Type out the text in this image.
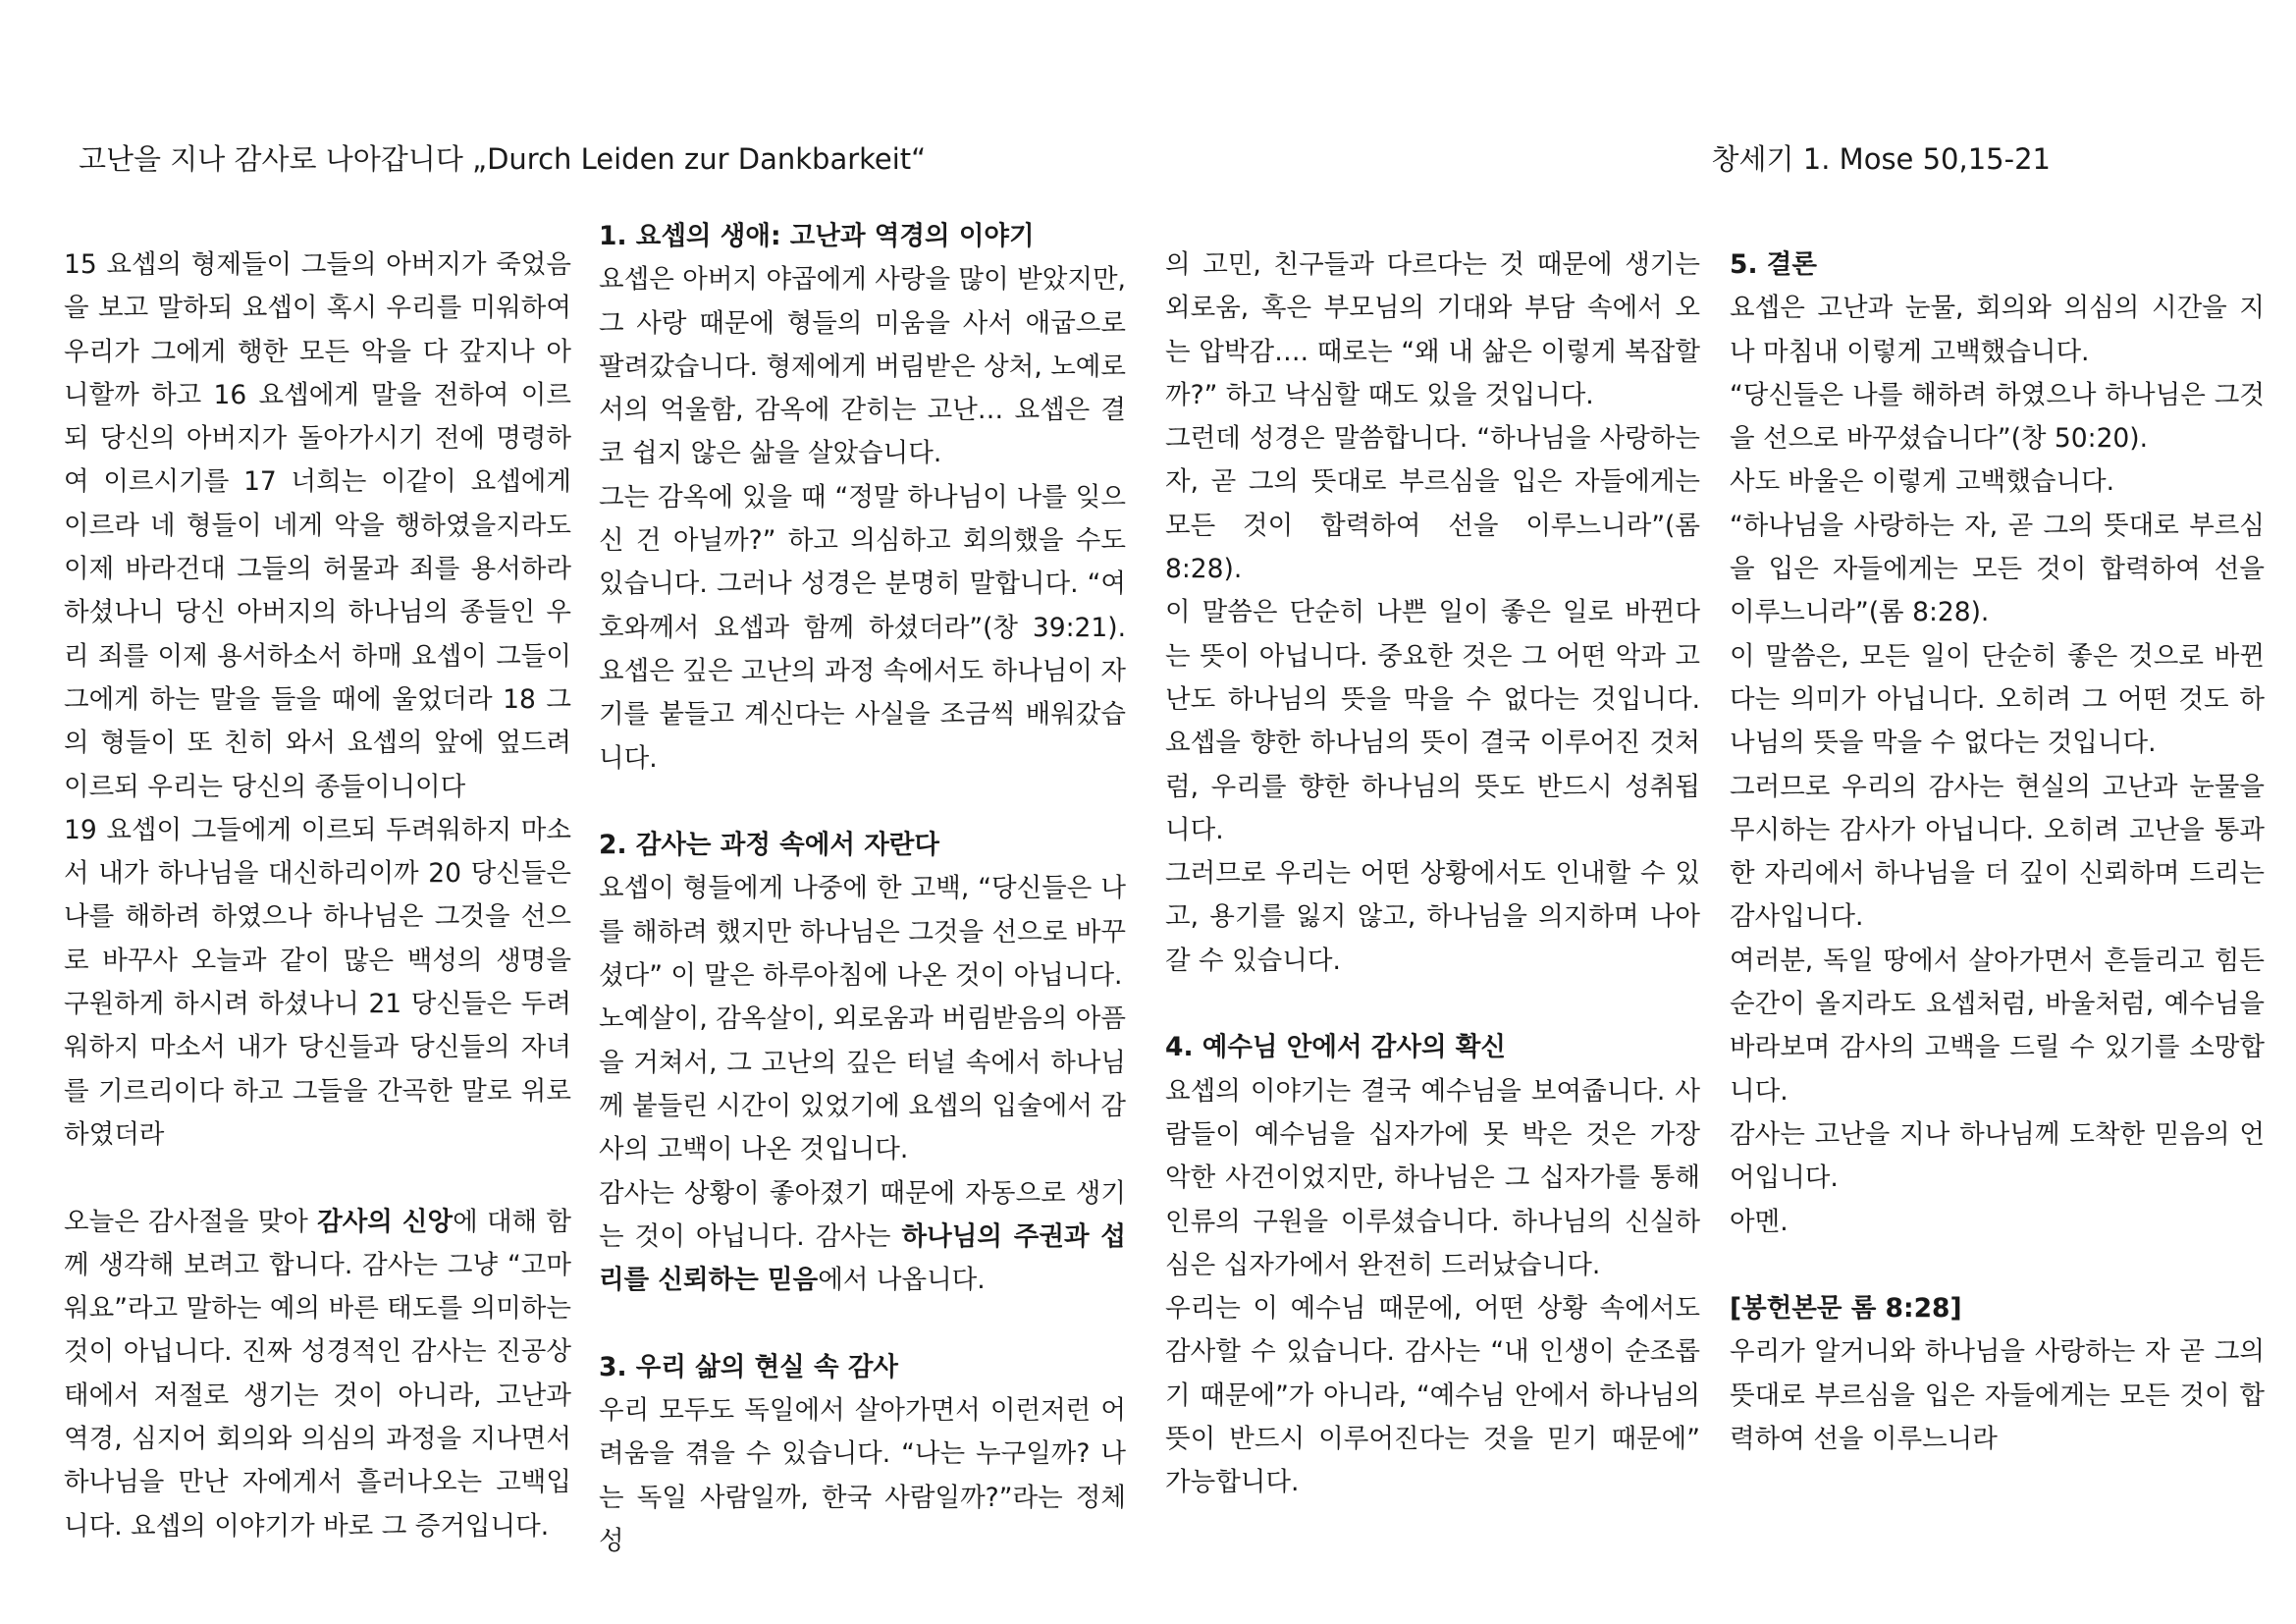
고난을 지나 감사로 나아갑니다 „Durch Leiden zur Dankbarkeit“	창세기 1. Mose 50,15-21

15 요셉의 형제들이 그들의 아버지가 죽었음을 보고 말하되 요셉이 혹시 우리를 미워하여 우리가 그에게 행한 모든 악을 다 갚지나 아니할까 하고 16 요셉에게 말을 전하여 이르되 당신의 아버지가 돌아가시기 전에 명령하여 이르시기를 17 너희는 이같이 요셉에게 이르라 네 형들이 네게 악을 행하였을지라도 이제 바라건대 그들의 허물과 죄를 용서하라 하셨나니 당신 아버지의 하나님의 종들인 우리 죄를 이제 용서하소서 하매 요셉이 그들이 그에게 하는 말을 들을 때에 울었더라 18 그의 형들이 또 친히 와서 요셉의 앞에 엎드려 이르되 우리는 당신의 종들이니이다

19 요셉이 그들에게 이르되 두려워하지 마소서 내가 하나님을 대신하리이까 20 당신들은 나를 해하려 하였으나 하나님은 그것을 선으로 바꾸사 오늘과 같이 많은 백성의 생명을 구원하게 하시려 하셨나니 21 당신들은 두려워하지 마소서 내가 당신들과 당신들의 자녀를 기르리이다 하고 그들을 간곡한 말로 위로하였더라

오늘은 감사절을 맞아 감사의 신앙에 대해 함께 생각해 보려고 합니다. 감사는 그냥 “고마워요”라고 말하는 예의 바른 태도를 의미하는 것이 아닙니다. 진짜 성경적인 감사는 진공상태에서 저절로 생기는 것이 아니라, 고난과 역경, 심지어 회의와 의심의 과정을 지나면서 하나님을 만난 자에게서 흘러나오는 고백입니다. 요셉의 이야기가 바로 그 증거입니다.

1. 요셉의 생애: 고난과 역경의 이야기

요셉은 아버지 야곱에게 사랑을 많이 받았지만, 그 사랑 때문에 형들의 미움을 사서 애굽으로 팔려갔습니다. 형제에게 버림받은 상처, 노예로서의 억울함, 감옥에 갇히는 고난… 요셉은 결코 쉽지 않은 삶을 살았습니다.

그는 감옥에 있을 때 “정말 하나님이 나를 잊으신 건 아닐까?” 하고 의심하고 회의했을 수도 있습니다. 그러나 성경은 분명히 말합니다. “여호와께서 요셉과 함께 하셨더라”(창 39:21). 요셉은 깊은 고난의 과정 속에서도 하나님이 자기를 붙들고 계신다는 사실을 조금씩 배워갔습니다.

2. 감사는 과정 속에서 자란다

요셉이 형들에게 나중에 한 고백, “당신들은 나를 해하려 했지만 하나님은 그것을 선으로 바꾸셨다” 이 말은 하루아침에 나온 것이 아닙니다.

노예살이, 감옥살이, 외로움과 버림받음의 아픔을 거쳐서, 그 고난의 깊은 터널 속에서 하나님께 붙들린 시간이 있었기에 요셉의 입술에서 감사의 고백이 나온 것입니다.

감사는 상황이 좋아졌기 때문에 자동으로 생기는 것이 아닙니다. 감사는 하나님의 주권과 섭리를 신뢰하는 믿음에서 나옵니다.

3. 우리 삶의 현실 속 감사

우리 모두도 독일에서 살아가면서 이런저런 어려움을 겪을 수 있습니다. “나는 누구일까? 나는 독일 사람일까, 한국 사람일까?”라는 정체성

의 고민, 친구들과 다르다는 것 때문에 생기는 외로움, 혹은 부모님의 기대와 부담 속에서 오는 압박감…. 때로는 “왜 내 삶은 이렇게 복잡할까?” 하고 낙심할 때도 있을 것입니다.

그런데 성경은 말씀합니다. “하나님을 사랑하는 자, 곧 그의 뜻대로 부르심을 입은 자들에게는 모든 것이 합력하여 선을 이루느니라”(롬 8:28).

이 말씀은 단순히 나쁜 일이 좋은 일로 바뀐다는 뜻이 아닙니다. 중요한 것은 그 어떤 악과 고난도 하나님의 뜻을 막을 수 없다는 것입니다. 요셉을 향한 하나님의 뜻이 결국 이루어진 것처럼, 우리를 향한 하나님의 뜻도 반드시 성취됩니다.

그러므로 우리는 어떤 상황에서도 인내할 수 있고, 용기를 잃지 않고, 하나님을 의지하며 나아갈 수 있습니다.

4. 예수님 안에서 감사의 확신

요셉의 이야기는 결국 예수님을 보여줍니다. 사람들이 예수님을 십자가에 못 박은 것은 가장 악한 사건이었지만, 하나님은 그 십자가를 통해 인류의 구원을 이루셨습니다. 하나님의 신실하심은 십자가에서 완전히 드러났습니다.

우리는 이 예수님 때문에, 어떤 상황 속에서도 감사할 수 있습니다. 감사는 “내 인생이 순조롭기 때문에”가 아니라, “예수님 안에서 하나님의 뜻이 반드시 이루어진다는 것을 믿기 때문에” 가능합니다.

5. 결론

요셉은 고난과 눈물, 회의와 의심의 시간을 지나 마침내 이렇게 고백했습니다.

“당신들은 나를 해하려 하였으나 하나님은 그것을 선으로 바꾸셨습니다”(창 50:20).

사도 바울은 이렇게 고백했습니다.

“하나님을 사랑하는 자, 곧 그의 뜻대로 부르심을 입은 자들에게는 모든 것이 합력하여 선을 이루느니라”(롬 8:28).

이 말씀은, 모든 일이 단순히 좋은 것으로 바뀐다는 의미가 아닙니다. 오히려 그 어떤 것도 하나님의 뜻을 막을 수 없다는 것입니다.

그러므로 우리의 감사는 현실의 고난과 눈물을 무시하는 감사가 아닙니다. 오히려 고난을 통과한 자리에서 하나님을 더 깊이 신뢰하며 드리는 감사입니다.

여러분, 독일 땅에서 살아가면서 흔들리고 힘든 순간이 올지라도 요셉처럼, 바울처럼, 예수님을 바라보며 감사의 고백을 드릴 수 있기를 소망합니다.

감사는 고난을 지나 하나님께 도착한 믿음의 언어입니다.

아멘.

[봉헌본문 롬 8:28]

우리가 알거니와 하나님을 사랑하는 자 곧 그의 뜻대로 부르심을 입은 자들에게는 모든 것이 합력하여 선을 이루느니라
